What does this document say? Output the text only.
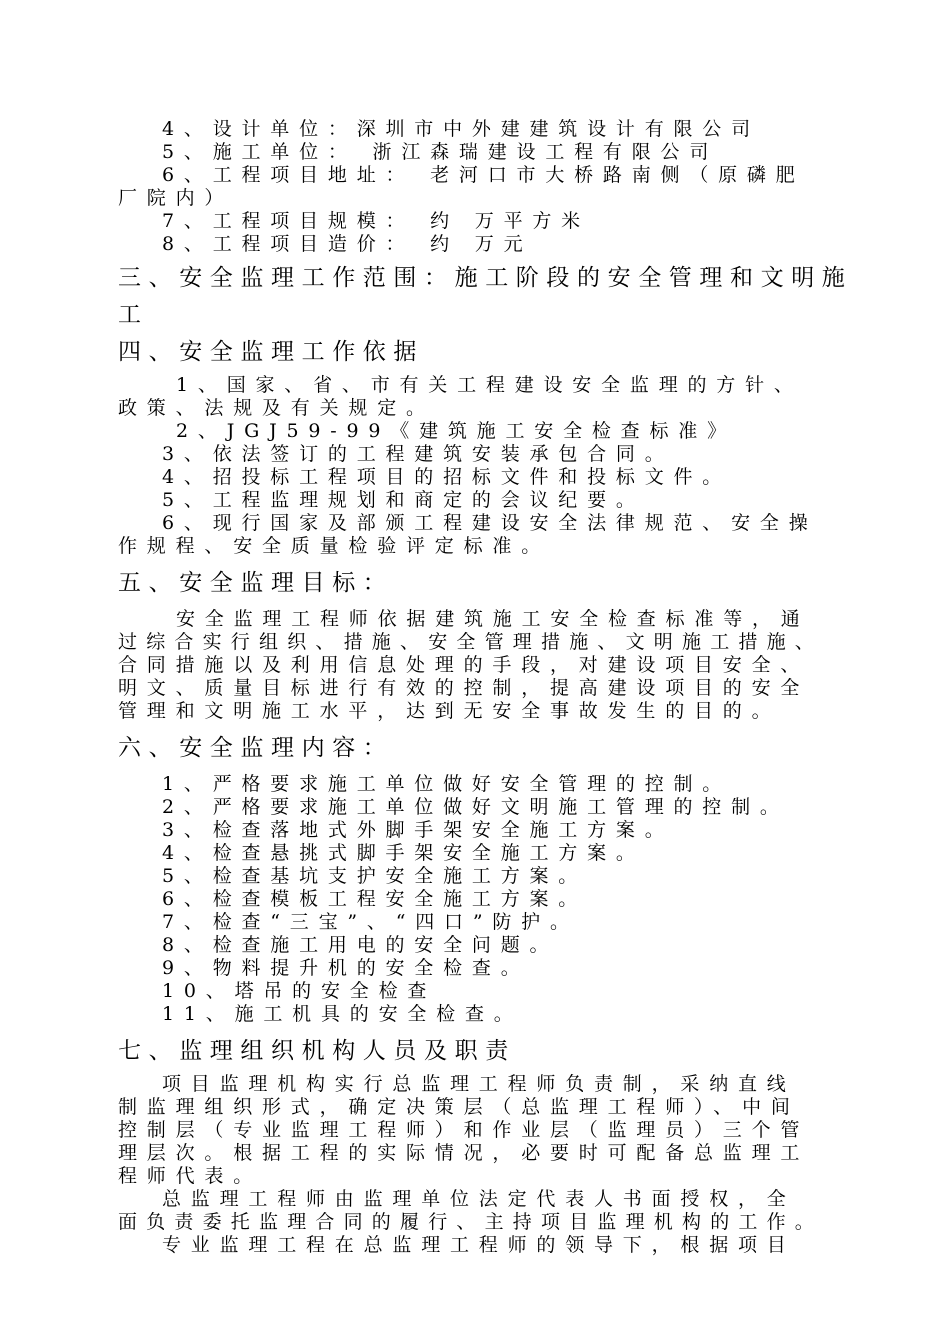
4、设计单位：深圳市中外建建筑设计有限公司
5、施工单位： 浙江森瑞建设工程有限公司
6、工程项目地址： 老河口市大桥路南侧（原磷肥
厂院内）
7、工程项目规模： 约 万平方米
8、工程项目造价： 约 万元
三、安全监理工作范围：施工阶段的安全管理和文明施
工
四、安全监理工作依据
1、国家、省、市有关工程建设安全监理的方针、
政策、法规及有关规定。
2、JGJ59-99《建筑施工安全检查标准》
3、依法签订的工程建筑安装承包合同。
4、招投标工程项目的招标文件和投标文件。
5、工程监理规划和商定的会议纪要。
6、现行国家及部颁工程建设安全法律规范、安全操
作规程、安全质量检验评定标准。
五、安全监理目标：
安全监理工程师依据建筑施工安全检查标准等，通
过综合实行组织、措施、安全管理措施、文明施工措施、
合同措施以及利用信息处理的手段，对建设项目安全、
明文、质量目标进行有效的控制，提高建设项目的安全
管理和文明施工水平，达到无安全事故发生的目的。
六、安全监理内容：
1、严格要求施工单位做好安全管理的控制。
2、严格要求施工单位做好文明施工管理的控制。
3、检查落地式外脚手架安全施工方案。
4、检查悬挑式脚手架安全施工方案。
5、检查基坑支护安全施工方案。
6、检查模板工程安全施工方案。
7、检查“三宝”、“四口”防护。
8、检查施工用电的安全问题。
9、物料提升机的安全检查。
10、塔吊的安全检查
11、施工机具的安全检查。
七、监理组织机构人员及职责
项目监理机构实行总监理工程师负责制，采纳直线
制监理组织形式，确定决策层（总监理工程师）、中间
控制层（专业监理工程师）和作业层（监理员）三个管
理层次。根据工程的实际情况，必要时可配备总监理工
程师代表。
总监理工程师由监理单位法定代表人书面授权，全
面负责委托监理合同的履行、主持项目监理机构的工作。
专业监理工程在总监理工程师的领导下，根据项目
